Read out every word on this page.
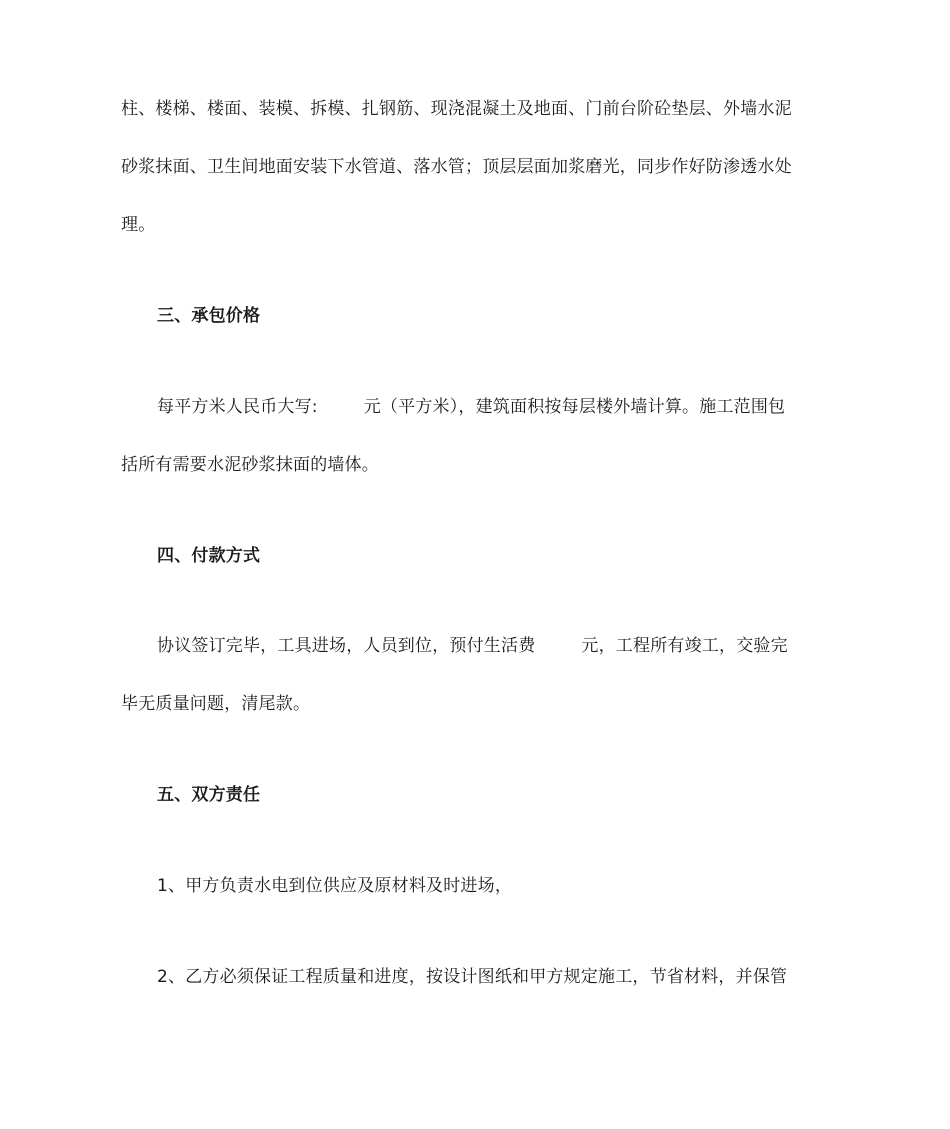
柱、楼梯、楼面、装模、拆模、扎钢筋、现浇混凝土及地面、门前台阶砼垫层、外墙水泥
砂浆抹面、卫生间地面安装下水管道、落水管；顶层层面加浆磨光，同步作好防渗透水处
理。
三、承包价格
每平方米人民币大写:	元（平方米），建筑面积按每层楼外墙计算。施工范围包
括所有需要水泥砂浆抹面的墙体。
四、付款方式
协议签订完毕，工具进场，人员到位，预付生活费	元，工程所有竣工，交验完
毕无质量问题，清尾款。
五、双方责任
1、甲方负责水电到位供应及原材料及时进场，
2、乙方必须保证工程质量和进度，按设计图纸和甲方规定施工，节省材料，并保管
